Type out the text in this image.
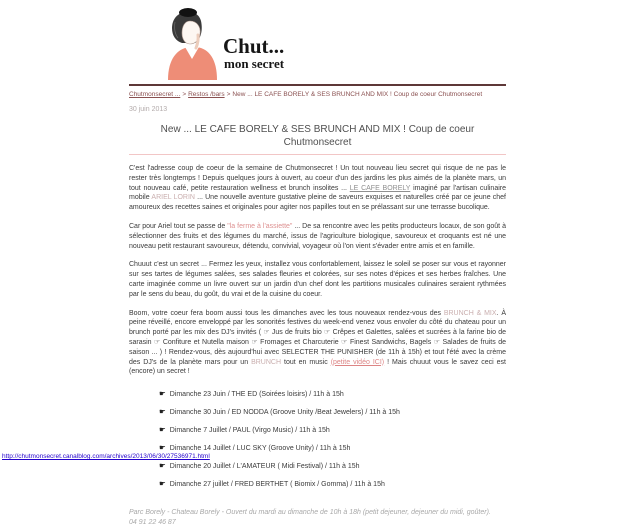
Chut...
mon secret
Chutmonsecret ... > Restos /bars > New ... LE CAFE BORELY & SES BRUNCH AND MIX ! Coup de coeur Chutmonsecret
30 juin 2013
New ... LE CAFE BORELY & SES BRUNCH AND MIX ! Coup de coeur Chutmonsecret

C'est l'adresse coup de coeur de la semaine de Chutmonsecret ! Un tout nouveau lieu secret qui risque de ne pas le rester très longtemps ! Depuis quelques jours à ouvert, au coeur d'un des jardins les plus aimés de la planète mars, un tout nouveau café, petite restauration wellness et brunch insolites ... LE CAFE BORELY imaginé par l'artisan culinaire mobile ARIEL LORIN ... Une nouvelle aventure gustative pleine de saveurs exquises et naturelles créé par ce jeune chef amoureux des recettes saines et originales pour agiter nos papilles tout en se prélassant sur une terrasse bucolique.

Car pour Ariel tout se passe de "la ferme à l'assiette" ... De sa rencontre avec les petits producteurs locaux, de son goût à sélectionner des fruits et des légumes du marché, issus de l'agriculture biologique, savoureux et croquants est né une nouveau petit restaurant savoureux, détendu, convivial, voyageur où l'on vient s'évader entre amis et en famille.

Chuuut c'est un secret ... Fermez les yeux, installez vous confortablement, laissez le soleil se poser sur vous et rayonner sur ses tartes de légumes salées, ses salades fleuries et colorées, sur ses notes d'épices et ses herbes fraîches. Une carte imaginée comme un livre ouvert sur un jardin d'un chef dont les partitions musicales culinaires seraient rythmées par le sens du beau, du goût, du vrai et de la cuisine du coeur.

Boom, votre coeur fera boom aussi tous les dimanches avec les tous nouveaux rendez-vous des BRUNCH & MIX. À peine réveillé, encore enveloppé par les sonorités festives du week-end venez vous envoler du côté du chateau pour un brunch porté par les mix des DJ's invités ( ☞ Jus de fruits bio ☞ Crêpes et Galettes, salées et sucrées à la farine bio de sarasin ☞ Confiture et Nutella maison ☞ Fromages et Charcuterie ☞ Finest Sandwichs, Bagels ☞ Salades de fruits de saison ... ) ! Rendez-vous, dès aujourd'hui avec SELECTER THE PUNISHER (de 11h à 15h) et tout l'été avec la crème des DJ's de la planète mars pour un BRUNCH tout en music (petite vidéo ICI) ! Mais chuuut vous le savez ceci est (encore) un secret !

☛ Dimanche 23 Juin / THE ED (Soirées loisirs) / 11h à 15h
☛ Dimanche 30 Juin / ED NODDA (Groove Unity /Beat Jewelers) / 11h à 15h
☛ Dimanche 7 Juillet / PAUL (Virgo Music) / 11h à 15h
☛ Dimanche 14 Juillet / LUC SKY (Groove Unity) / 11h à 15h
☛ Dimanche 20 Juillet / L'AMATEUR ( Midi Festival) / 11h à 15h
☛ Dimanche 27 juillet / FRED BERTHET ( Biomix / Gomma) / 11h à 15h
Parc Borely - Chateau Borely - Ouvert du mardi au dimanche de 10h à 18h (petit dejeuner, dejeuner du midi, goûter). 04 91 22 46 87
http://chutmonsecret.canalblog.com/archives/2013/06/30/27536971.html
